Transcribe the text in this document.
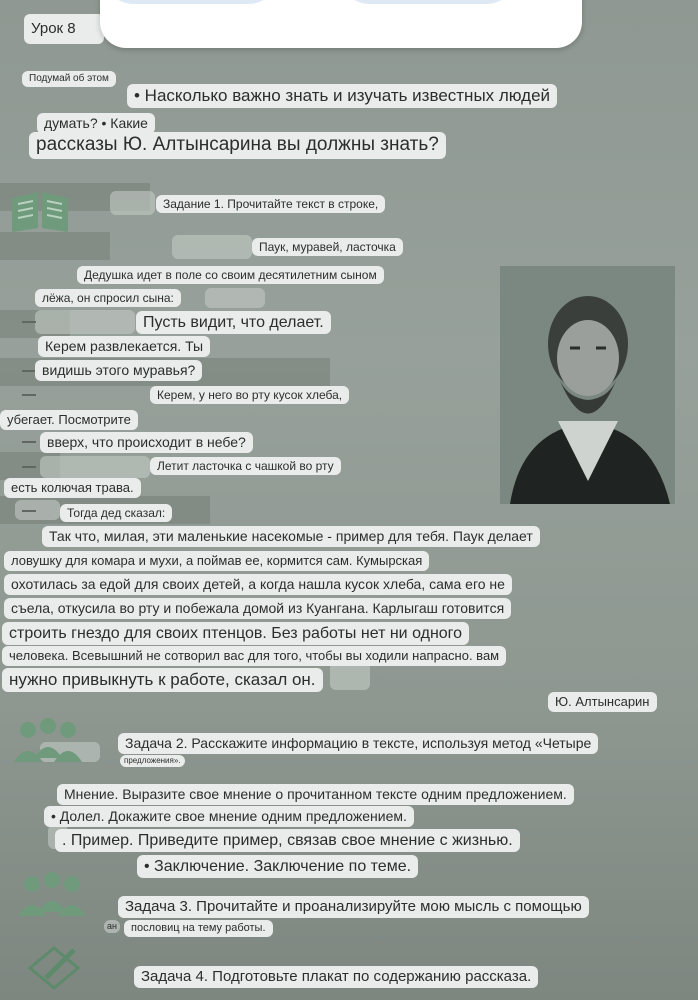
Урок 8
Подумай об этом
• Насколько важно знать и изучать известных людей
думать? • Какие
рассказы Ю. Алтынсарина вы должны знать?
Задание 1. Прочитайте текст в строке,
Паук, муравей, ласточка
Дедушка идет в поле со своим десятилетним сыном
лёжа, он спросил сына:
Пусть видит, что делает.
Керем развлекается. Ты
видишь этого муравья?
Керем, у него во рту кусок хлеба,
убегает. Посмотрите
вверх, что происходит в небе?
Летит ласточка с чашкой во рту
есть колючая трава.
Тогда дед сказал:
Так что, милая, эти маленькие насекомые - пример для тебя. Паук делает
ловушку для комара и мухи, а поймав ее, кормится сам. Кумырская
охотилась за едой для своих детей, а когда нашла кусок хлеба, сама его не
съела, откусила во рту и побежала домой из Куангана. Карлыгаш готовится
строить гнездо для своих птенцов. Без работы нет ни одного
человека. Всевышний не сотворил вас для того, чтобы вы ходили напрасно. вам
нужно привыкнуть к работе, сказал он.
Ю. Алтынсарин
Задача 2. Расскажите информацию в тексте, используя метод «Четыре
предложения».
Мнение. Выразите свое мнение о прочитанном тексте одним предложением.
• Долел. Докажите свое мнение одним предложением.
. Пример. Приведите пример, связав свое мнение с жизнью.
• Заключение. Заключение по теме.
Задача 3. Прочитайте и проанализируйте мою мысль с помощью
ан	пословиц на тему работы.
Задача 4. Подготовьте плакат по содержанию рассказа.
